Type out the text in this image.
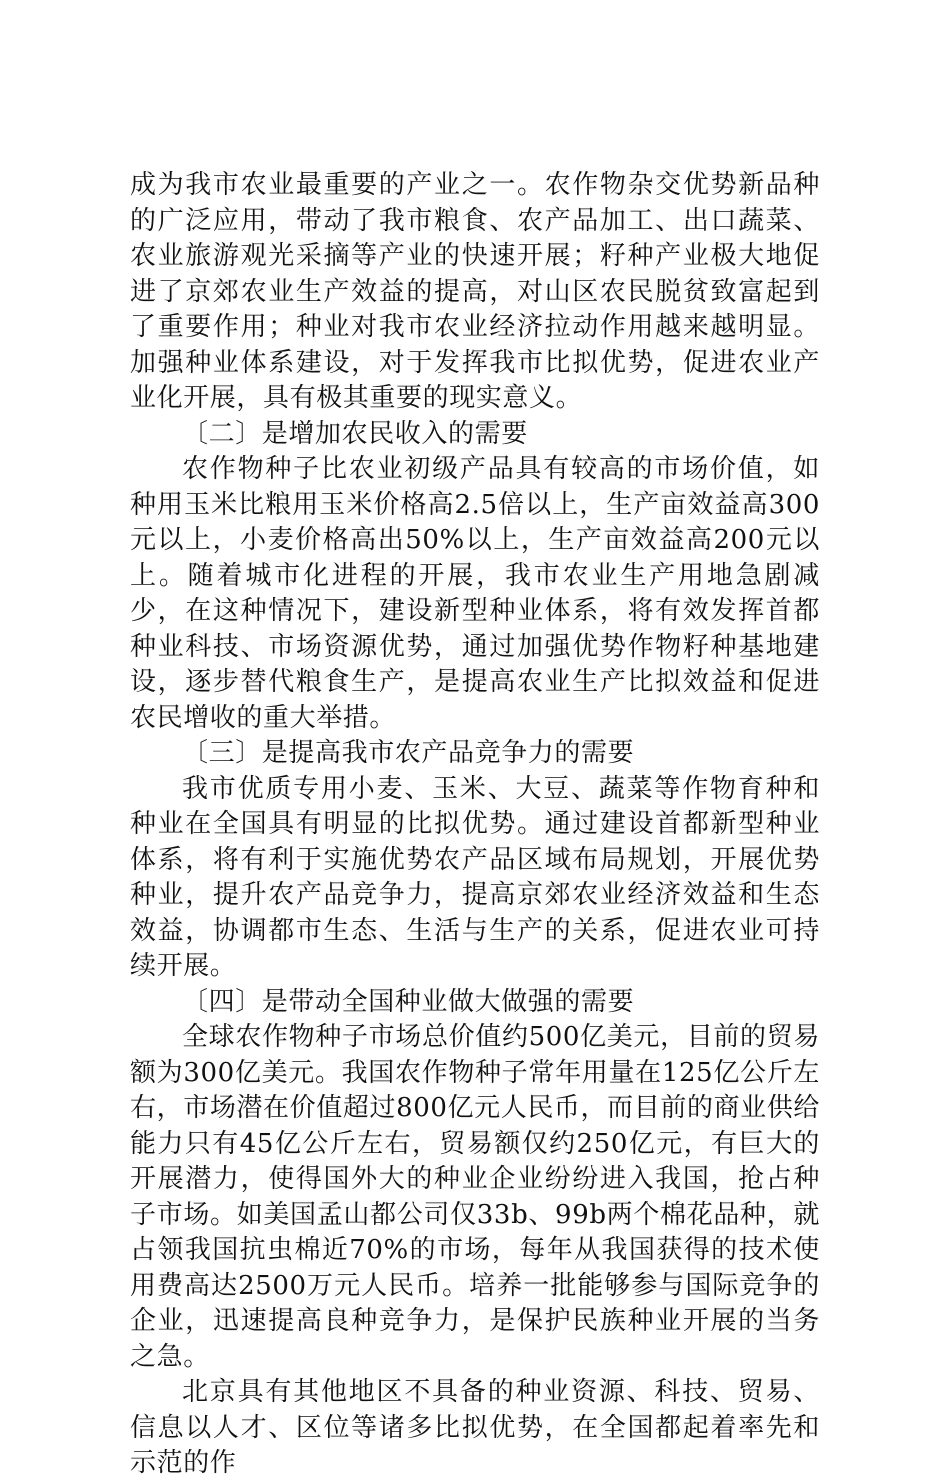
成为我市农业最重要的产业之一。农作物杂交优势新品种的广泛应用，带动了我市粮食、农产品加工、出口蔬菜、农业旅游观光采摘等产业的快速开展；籽种产业极大地促进了京郊农业生产效益的提高，对山区农民脱贫致富起到了重要作用；种业对我市农业经济拉动作用越来越明显。加强种业体系建设，对于发挥我市比拟优势，促进农业产业化开展，具有极其重要的现实意义。

〔二〕是增加农民收入的需要

农作物种子比农业初级产品具有较高的市场价值，如种用玉米比粮用玉米价格高2.5倍以上，生产亩效益高300元以上，小麦价格高出50%以上，生产亩效益高200元以上。随着城市化进程的开展，我市农业生产用地急剧减少，在这种情况下，建设新型种业体系，将有效发挥首都种业科技、市场资源优势，通过加强优势作物籽种基地建设，逐步替代粮食生产，是提高农业生产比拟效益和促进农民增收的重大举措。

〔三〕是提高我市农产品竞争力的需要

我市优质专用小麦、玉米、大豆、蔬菜等作物育种和种业在全国具有明显的比拟优势。通过建设首都新型种业体系，将有利于实施优势农产品区域布局规划，开展优势种业，提升农产品竞争力，提高京郊农业经济效益和生态效益，协调都市生态、生活与生产的关系，促进农业可持续开展。

〔四〕是带动全国种业做大做强的需要

全球农作物种子市场总价值约500亿美元，目前的贸易额为300亿美元。我国农作物种子常年用量在125亿公斤左右，市场潜在价值超过800亿元人民币，而目前的商业供给能力只有45亿公斤左右，贸易额仅约250亿元，有巨大的开展潜力，使得国外大的种业企业纷纷进入我国，抢占种子市场。如美国孟山都公司仅33b、99b两个棉花品种，就占领我国抗虫棉近70%的市场，每年从我国获得的技术使用费高达2500万元人民币。培养一批能够参与国际竞争的企业，迅速提高良种竞争力，是保护民族种业开展的当务之急。

北京具有其他地区不具备的种业资源、科技、贸易、信息以人才、区位等诸多比拟优势，在全国都起着率先和示范的作
